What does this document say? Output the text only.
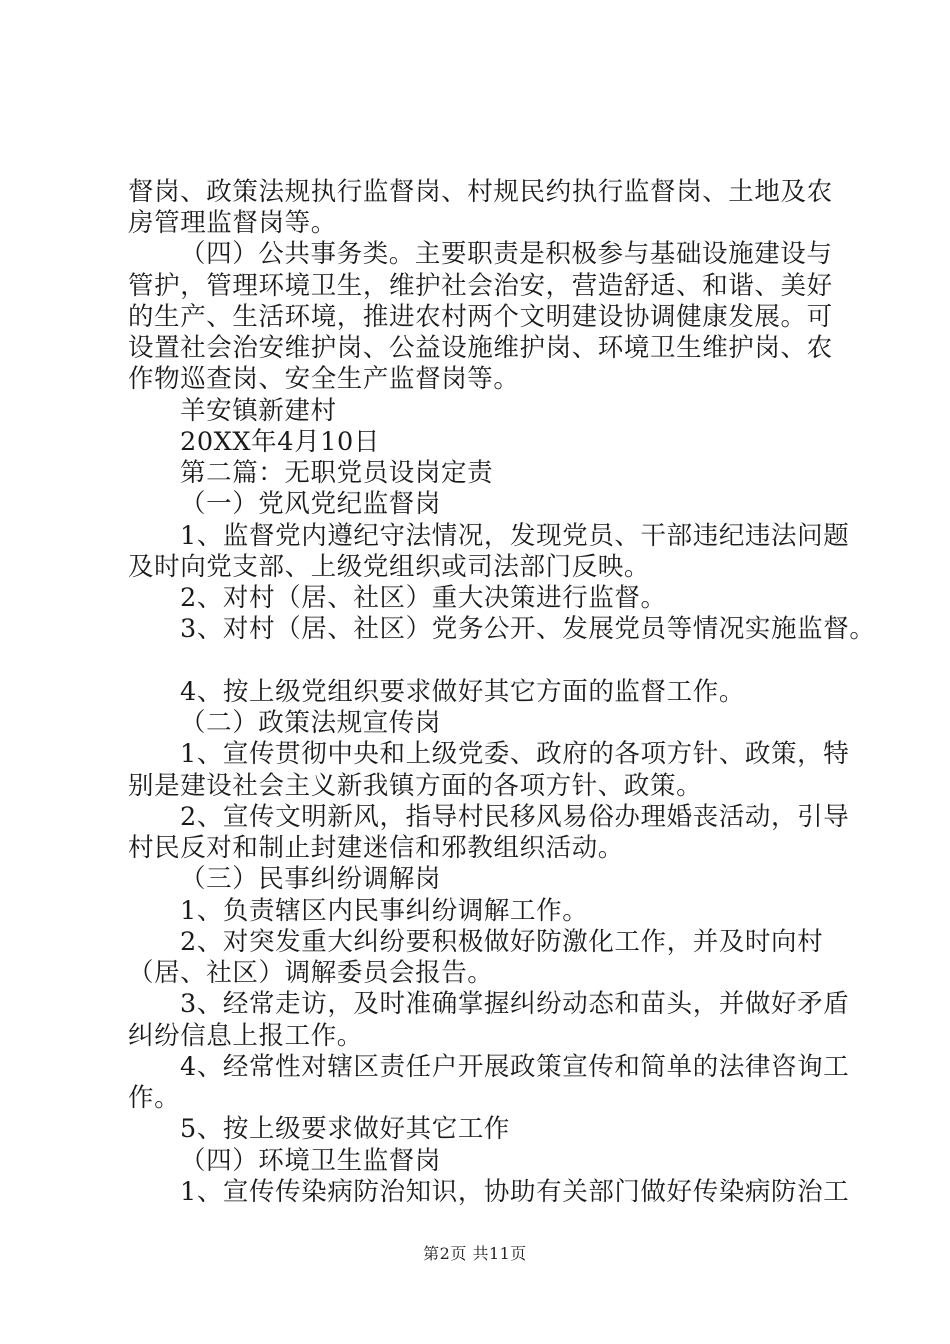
督岗、政策法规执行监督岗、村规民约执行监督岗、土地及农
房管理监督岗等。
（四）公共事务类。主要职责是积极参与基础设施建设与
管护，管理环境卫生，维护社会治安，营造舒适、和谐、美好
的生产、生活环境，推进农村两个文明建设协调健康发展。可
设置社会治安维护岗、公益设施维护岗、环境卫生维护岗、农
作物巡查岗、安全生产监督岗等。
羊安镇新建村
20XX年4月10日
第二篇：无职党员设岗定责
（一）党风党纪监督岗
1、监督党内遵纪守法情况，发现党员、干部违纪违法问题
及时向党支部、上级党组织或司法部门反映。
2、对村（居、社区）重大决策进行监督。
3、对村（居、社区）党务公开、发展党员等情况实施监督。
4、按上级党组织要求做好其它方面的监督工作。
（二）政策法规宣传岗
1、宣传贯彻中央和上级党委、政府的各项方针、政策，特
别是建设社会主义新我镇方面的各项方针、政策。
2、宣传文明新风，指导村民移风易俗办理婚丧活动，引导
村民反对和制止封建迷信和邪教组织活动。
（三）民事纠纷调解岗
1、负责辖区内民事纠纷调解工作。
2、对突发重大纠纷要积极做好防激化工作，并及时向村
（居、社区）调解委员会报告。
3、经常走访，及时准确掌握纠纷动态和苗头，并做好矛盾
纠纷信息上报工作。
4、经常性对辖区责任户开展政策宣传和简单的法律咨询工
作。
5、按上级要求做好其它工作
（四）环境卫生监督岗
1、宣传传染病防治知识，协助有关部门做好传染病防治工
第2页 共11页
